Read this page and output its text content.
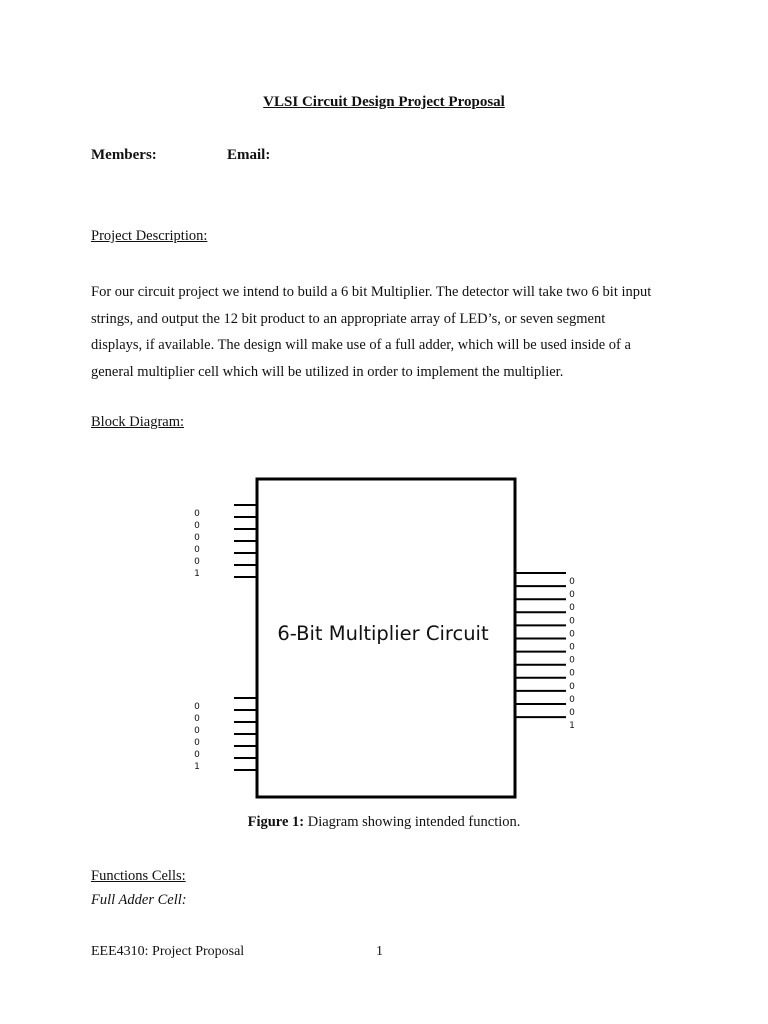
VLSI Circuit Design Project Proposal
Members:	Email:
Project Description:
For our circuit project we intend to build a 6 bit Multiplier. The detector will take two 6 bit input
strings, and output the 12 bit product to an appropriate array of LED’s, or seven segment
displays, if available. The design will make use of a full adder, which will be used inside of a
general multiplier cell which will be utilized in order to implement the multiplier.
Block Diagram:
6-Bit Multiplier Circuit
0
0
0
0
0
1
0
0
0
0
0
1
0
0
0
0
0
0
0
0
0
0
0
1
Figure 1: Diagram showing intended function.
Functions Cells:
Full Adder Cell:
EEE4310: Project Proposal	1
